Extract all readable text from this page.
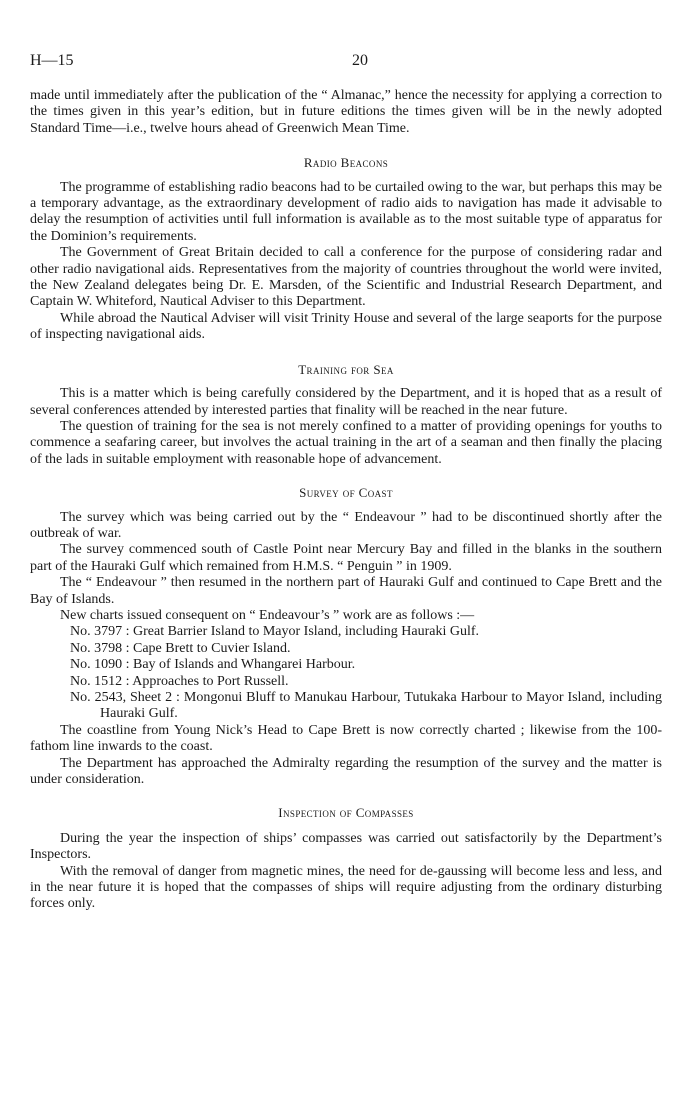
H—15	20

made until immediately after the publication of the “ Almanac,” hence the necessity for applying a correction to the times given in this year’s edition, but in future editions the times given will be in the newly adopted Standard Time—i.e., twelve hours ahead of Greenwich Mean Time.

Radio Beacons

The programme of establishing radio beacons had to be curtailed owing to the war, but perhaps this may be a temporary advantage, as the extraordinary development of radio aids to navigation has made it advisable to delay the resumption of activities until full information is available as to the most suitable type of apparatus for the Dominion’s requirements.

The Government of Great Britain decided to call a conference for the purpose of considering radar and other radio navigational aids. Representatives from the majority of countries throughout the world were invited, the New Zealand delegates being Dr. E. Marsden, of the Scientific and Industrial Research Department, and Captain W. Whiteford, Nautical Adviser to this Department.

While abroad the Nautical Adviser will visit Trinity House and several of the large seaports for the purpose of inspecting navigational aids.

Training for Sea

This is a matter which is being carefully considered by the Department, and it is hoped that as a result of several conferences attended by interested parties that finality will be reached in the near future.

The question of training for the sea is not merely confined to a matter of providing openings for youths to commence a seafaring career, but involves the actual training in the art of a seaman and then finally the placing of the lads in suitable employment with reasonable hope of advancement.

Survey of Coast

The survey which was being carried out by the “ Endeavour ” had to be discontinued shortly after the outbreak of war.

The survey commenced south of Castle Point near Mercury Bay and filled in the blanks in the southern part of the Hauraki Gulf which remained from H.M.S. “ Penguin ” in 1909.

The “ Endeavour ” then resumed in the northern part of Hauraki Gulf and continued to Cape Brett and the Bay of Islands.

New charts issued consequent on “ Endeavour’s ” work are as follows :—

No. 3797 : Great Barrier Island to Mayor Island, including Hauraki Gulf.

No. 3798 : Cape Brett to Cuvier Island.

No. 1090 : Bay of Islands and Whangarei Harbour.

No. 1512 : Approaches to Port Russell.

No. 2543, Sheet 2 : Mongonui Bluff to Manukau Harbour, Tutukaka Harbour to Mayor Island, including Hauraki Gulf.

The coastline from Young Nick’s Head to Cape Brett is now correctly charted ; likewise from the 100-fathom line inwards to the coast.

The Department has approached the Admiralty regarding the resumption of the survey and the matter is under consideration.

Inspection of Compasses

During the year the inspection of ships’ compasses was carried out satisfactorily by the Department’s Inspectors.

With the removal of danger from magnetic mines, the need for de-gaussing will become less and less, and in the near future it is hoped that the compasses of ships will require adjusting from the ordinary disturbing forces only.
